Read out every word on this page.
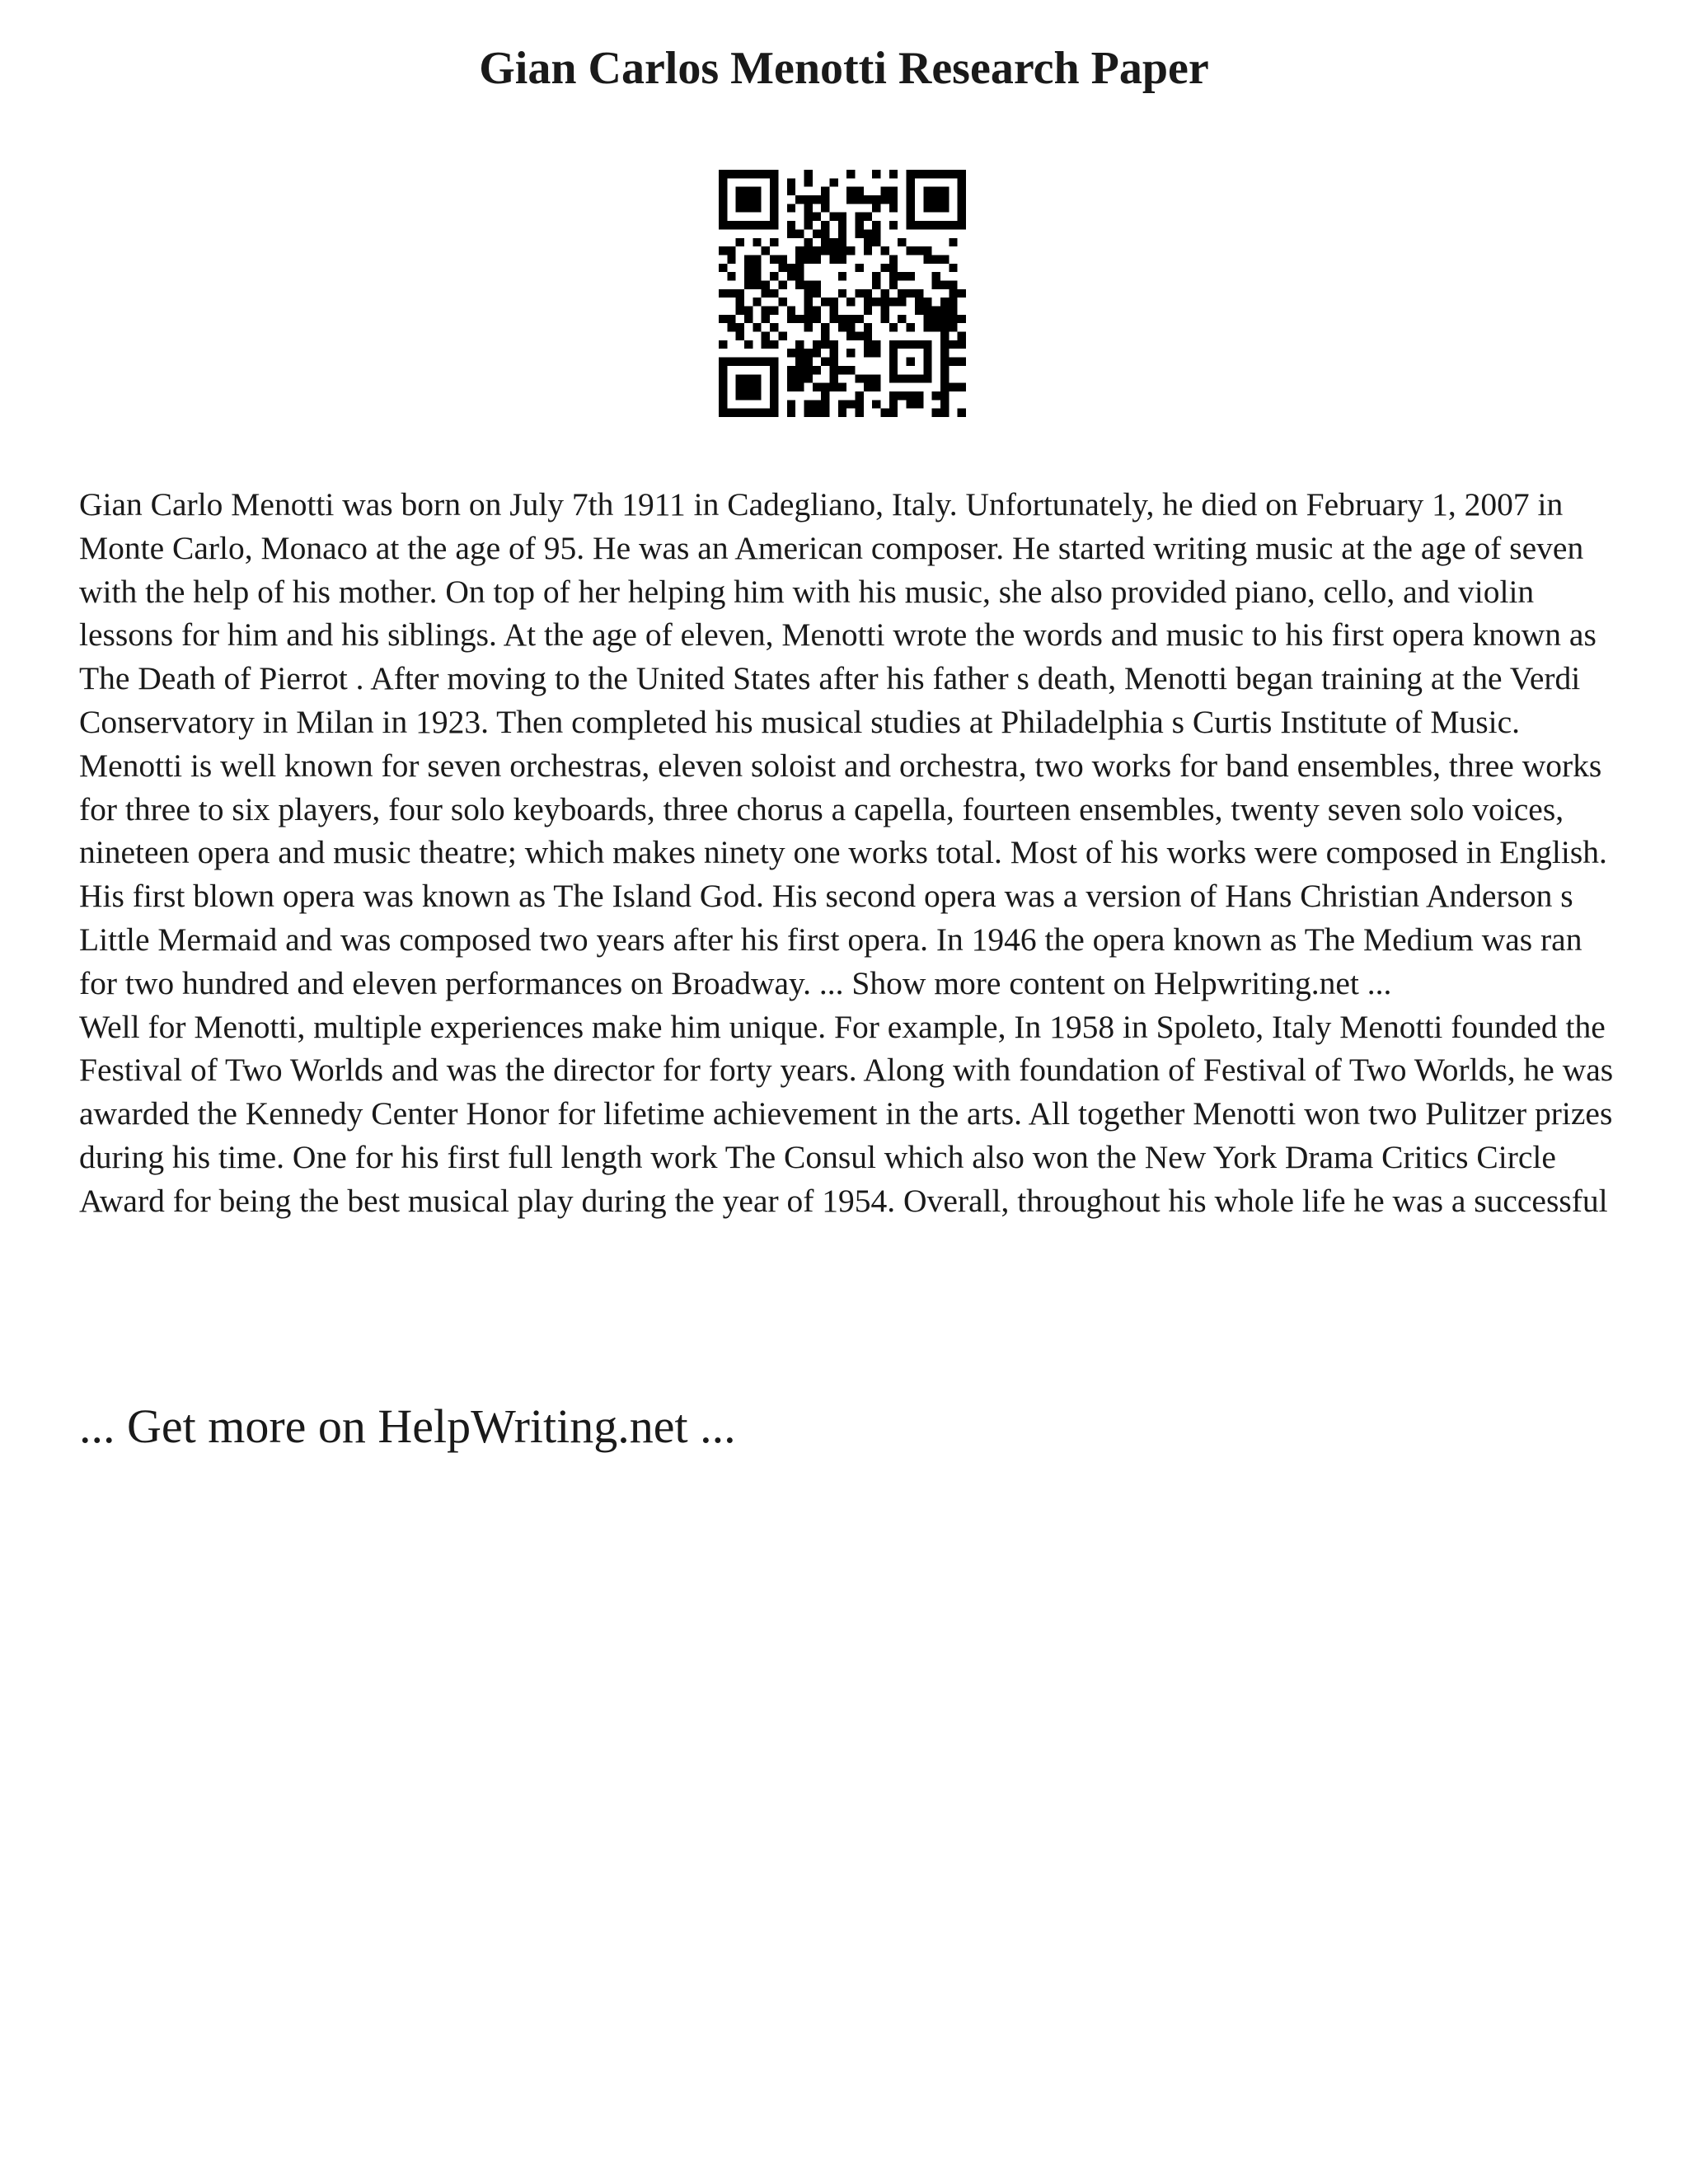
Gian Carlos Menotti Research Paper

Gian Carlo Menotti was born on July 7th 1911 in Cadegliano, Italy. Unfortunately, he died on February 1, 2007 in Monte Carlo, Monaco at the age of 95. He was an American composer. He started writing music at the age of seven with the help of his mother. On top of her helping him with his music, she also provided piano, cello, and violin lessons for him and his siblings. At the age of eleven, Menotti wrote the words and music to his first opera known as The Death of Pierrot . After moving to the United States after his father s death, Menotti began training at the Verdi Conservatory in Milan in 1923. Then completed his musical studies at Philadelphia s Curtis Institute of Music.

Menotti is well known for seven orchestras, eleven soloist and orchestra, two works for band ensembles, three works for three to six players, four solo keyboards, three chorus a capella, fourteen ensembles, twenty seven solo voices, nineteen opera and music theatre; which makes ninety one works total. Most of his works were composed in English. His first blown opera was known as The Island God. His second opera was a version of Hans Christian Anderson s Little Mermaid and was composed two years after his first opera. In 1946 the opera known as The Medium was ran for two hundred and eleven performances on Broadway. ... Show more content on Helpwriting.net ...

Well for Menotti, multiple experiences make him unique. For example, In 1958 in Spoleto, Italy Menotti founded the Festival of Two Worlds and was the director for forty years. Along with foundation of Festival of Two Worlds, he was awarded the Kennedy Center Honor for lifetime achievement in the arts. All together Menotti won two Pulitzer prizes during his time. One for his first full length work The Consul which also won the New York Drama Critics Circle Award for being the best musical play during the year of 1954. Overall, throughout his whole life he was a successful

... Get more on HelpWriting.net ...
